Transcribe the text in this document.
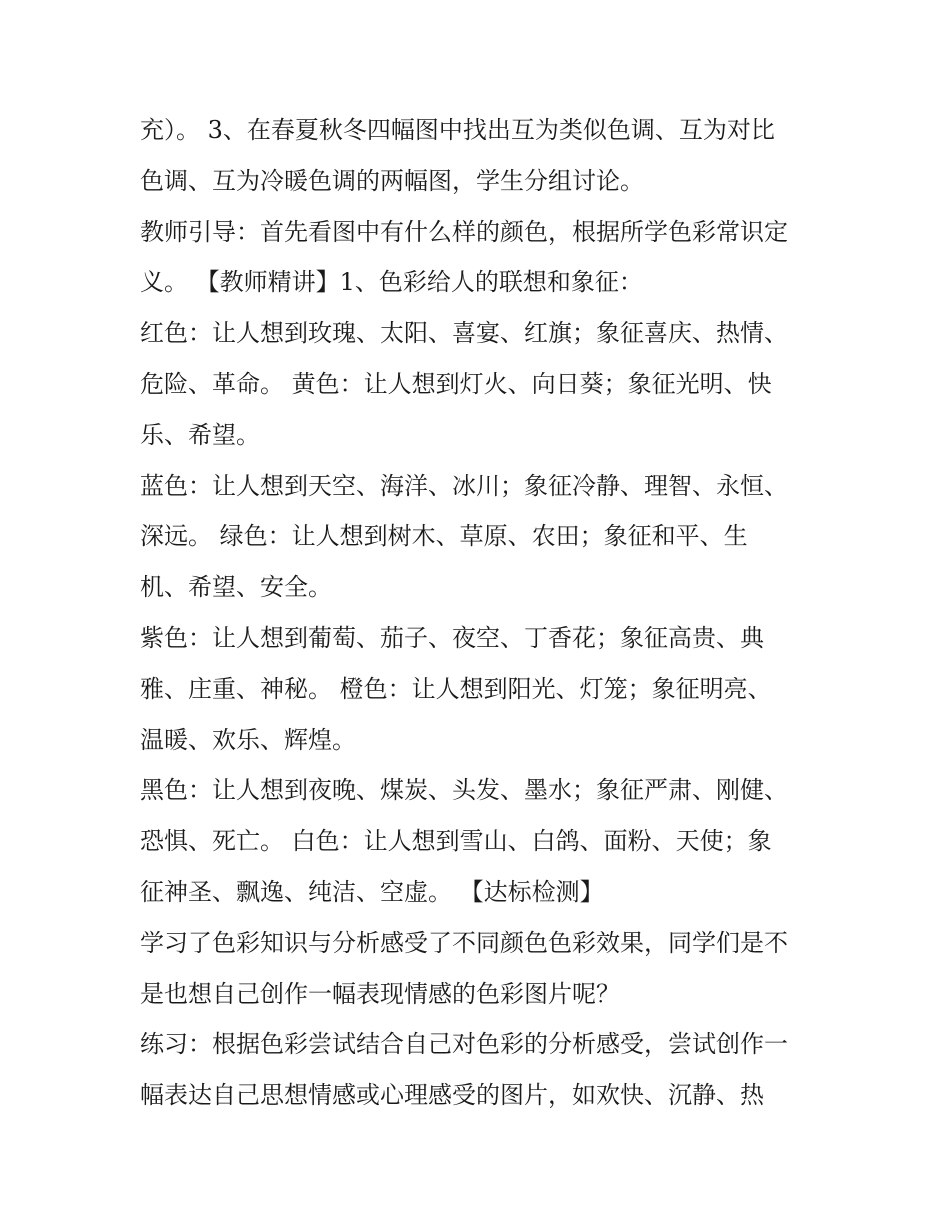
充）。 3、在春夏秋冬四幅图中找出互为类似色调、互为对比
色调、互为冷暖色调的两幅图，学生分组讨论。
教师引导：首先看图中有什么样的颜色，根据所学色彩常识定
义。 【教师精讲】1、色彩给人的联想和象征：
红色：让人想到玫瑰、太阳、喜宴、红旗；象征喜庆、热情、
危险、革命。 黄色：让人想到灯火、向日葵；象征光明、快
乐、希望。
蓝色：让人想到天空、海洋、冰川；象征冷静、理智、永恒、
深远。 绿色：让人想到树木、草原、农田；象征和平、生
机、希望、安全。
紫色：让人想到葡萄、茄子、夜空、丁香花；象征高贵、典
雅、庄重、神秘。 橙色：让人想到阳光、灯笼；象征明亮、
温暖、欢乐、辉煌。
黑色：让人想到夜晚、煤炭、头发、墨水；象征严肃、刚健、
恐惧、死亡。 白色：让人想到雪山、白鸽、面粉、天使；象
征神圣、飘逸、纯洁、空虚。 【达标检测】
学习了色彩知识与分析感受了不同颜色色彩效果，同学们是不
是也想自己创作一幅表现情感的色彩图片呢？
练习：根据色彩尝试结合自己对色彩的分析感受，尝试创作一
幅表达自己思想情感或心理感受的图片，如欢快、沉静、热
